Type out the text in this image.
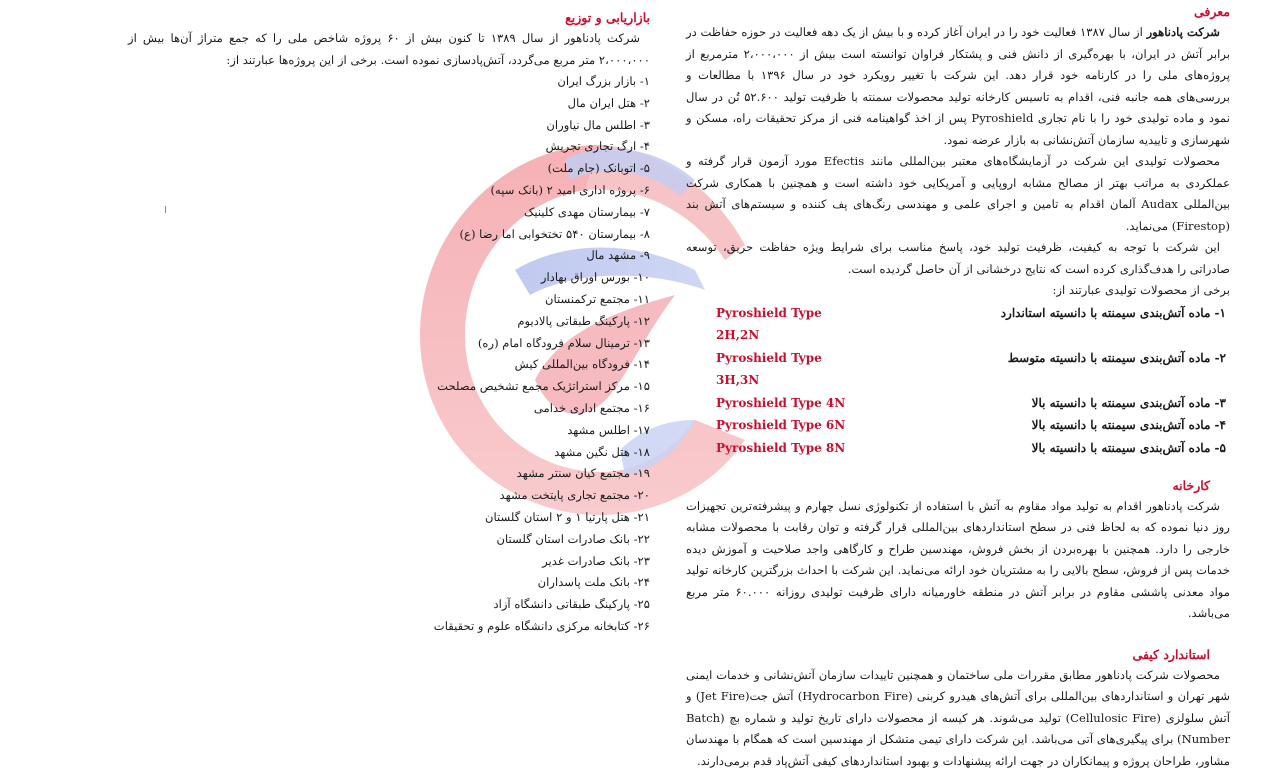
معرفی

شرکت پادناهور از سال ۱۳۸۷ فعالیت خود را در ایران آغاز کرده و با بیش از یک دهه فعالیت در حوزه حفاظت در برابر آتش در ایران، با بهره‌گیری از دانش فنی و پشتکار فراوان توانسته است بیش از ۲،۰۰۰،۰۰۰ مترمربع از پروژه‌های ملی را در کارنامه خود قرار دهد. این شرکت با تغییر رویکرد خود در سال ۱۳۹۶ با مطالعات و بررسی‌های همه جانبه فنی، اقدام به تاسیس کارخانه تولید محصولات سمنته با ظرفیت تولید ۵۲.۶۰۰ تُن در سال نمود و ماده تولیدی خود را با نام تجاری Pyroshield پس از اخذ گواهینامه فنی از مرکز تحقیقات راه، مسکن و شهرسازی و تاییدیه سازمان آتش‌نشانی به بازار عرضه نمود.

محصولات تولیدی این شرکت در آزمایشگاه‌های معتبر بین‌المللی مانند Efectis مورد آزمون قرار گرفته و عملکردی به مراتب بهتر از مصالح مشابه اروپایی و آمریکایی خود داشته است و همچنین با همکاری شرکت بین‌المللی Audax آلمان اقدام به تامین و اجرای علمی و مهندسی رنگ‌های پف کننده و سیستم‌های آتش بند (Firestop) می‌نماید.

این شرکت با توجه به کیفیت، ظرفیت تولید خود، پاسخ مناسب برای شرایط ویژه حفاظت حریق، توسعه صادراتی را هدف‌گذاری کرده است که نتایج درخشانی از آن حاصل گردیده است.

برخی از محصولات تولیدی عبارتند از:

۱- ماده آتش‌بندی سیمنته با دانسیته استاندارد
Pyroshield Type 2H,2N
۲- ماده آتش‌بندی سیمنته با دانسیته متوسط
Pyroshield Type 3H,3N
۳- ماده آتش‌بندی سیمنته با دانسیته بالا
Pyroshield Type 4N
۴- ماده آتش‌بندی سیمنته با دانسیته بالا
Pyroshield Type 6N
۵- ماده آتش‌بندی سیمنته با دانسیته بالا
Pyroshield Type 8N
کارخانه

شرکت پادناهور اقدام به تولید مواد مقاوم به آتش با استفاده از تکنولوژی نسل چهارم و پیشرفته‌ترین تجهیزات روز دنیا نموده که به لحاظ فنی در سطح استانداردهای بین‌المللی قرار گرفته و توان رقابت با محصولات مشابه خارجی را دارد. همچنین با بهره‌بردن از بخش فروش، مهندسین طراح و کارگاهی واجد صلاحیت و آموزش دیده خدمات پس از فروش، سطح بالایی را به مشتریان خود ارائه می‌نماید. این شرکت با احداث بزرگترین کارخانه تولید مواد معدنی پاششی مقاوم در برابر آتش در منطقه خاورمیانه دارای ظرفیت تولیدی روزانه ۶۰.۰۰۰ متر مربع می‌باشد.

استاندارد کیفی

محصولات شرکت پادناهور مطابق مقررات ملی ساختمان و همچنین تاییدات سازمان آتش‌نشانی و خدمات ایمنی شهر تهران و استانداردهای بین‌المللی برای آتش‌های هیدرو کربنی (Hydrocarbon Fire) آتش جت(Jet Fire) و آتش سلولزی (Cellulosic Fire) تولید می‌شوند. هر کیسه از محصولات دارای تاریخ تولید و شماره بچ (Batch Number) برای پیگیری‌های آتی می‌باشد. این شرکت دارای تیمی متشکل از مهندسین است که همگام با مهندسان مشاور، طراحان پروژه و پیمانکاران در جهت ارائه پیشنهادات و بهبود استانداردهای کیفی آتش‌پاد قدم برمی‌دارند.

بازاریابی و توزیع

شرکت پادناهور از سال ۱۳۸۹ تا کنون بیش از ۶۰ پروژه شاخص ملی را که جمع متراژ آن‌ها بیش از ۲،۰۰۰،۰۰۰ متر مربع می‌گردد، آتش‌پادسازی نموده است. برخی از این پروژه‌ها عبارتند از:

۱- بازار بزرگ ایران
۲- هتل ایران مال
۳- اطلس مال نیاوران
۴- ارگ تجاری تجریش
۵- اتوبانک (جام ملت)
۶- پروژه اداری امید ۲ (بانک سپه)
۷- بیمارستان مهدی کلینیک
۸- بیمارستان ۵۴۰ تختخوابی اما رضا (ع)
۹- مشهد مال
۱۰- بورس اوراق بهادار
۱۱- مجتمع ترکمنستان
۱۲- پارکینگ طبقاتی پالادیوم
۱۳- ترمینال سلام فرودگاه امام (ره)
۱۴- فرودگاه بین‌المللی کیش
۱۵- مرکز استراتژیک مجمع تشخیص مصلحت
۱۶- مجتمع اداری خدامی
۱۷- اطلس مشهد
۱۸- هتل نگین مشهد
۱۹- مجتمع کیان سنتر مشهد
۲۰- مجتمع تجاری پایتخت مشهد
۲۱- هتل پارتیا ۱ و ۲ استان گلستان
۲۲- بانک صادرات استان گلستان
۲۳- بانک صادرات غدیر
۲۴- بانک ملت پاسداران
۲۵- پارکینگ طبقاتی دانشگاه آزاد
۲۶- کتابخانه مرکزی دانشگاه علوم و تحقیقات
